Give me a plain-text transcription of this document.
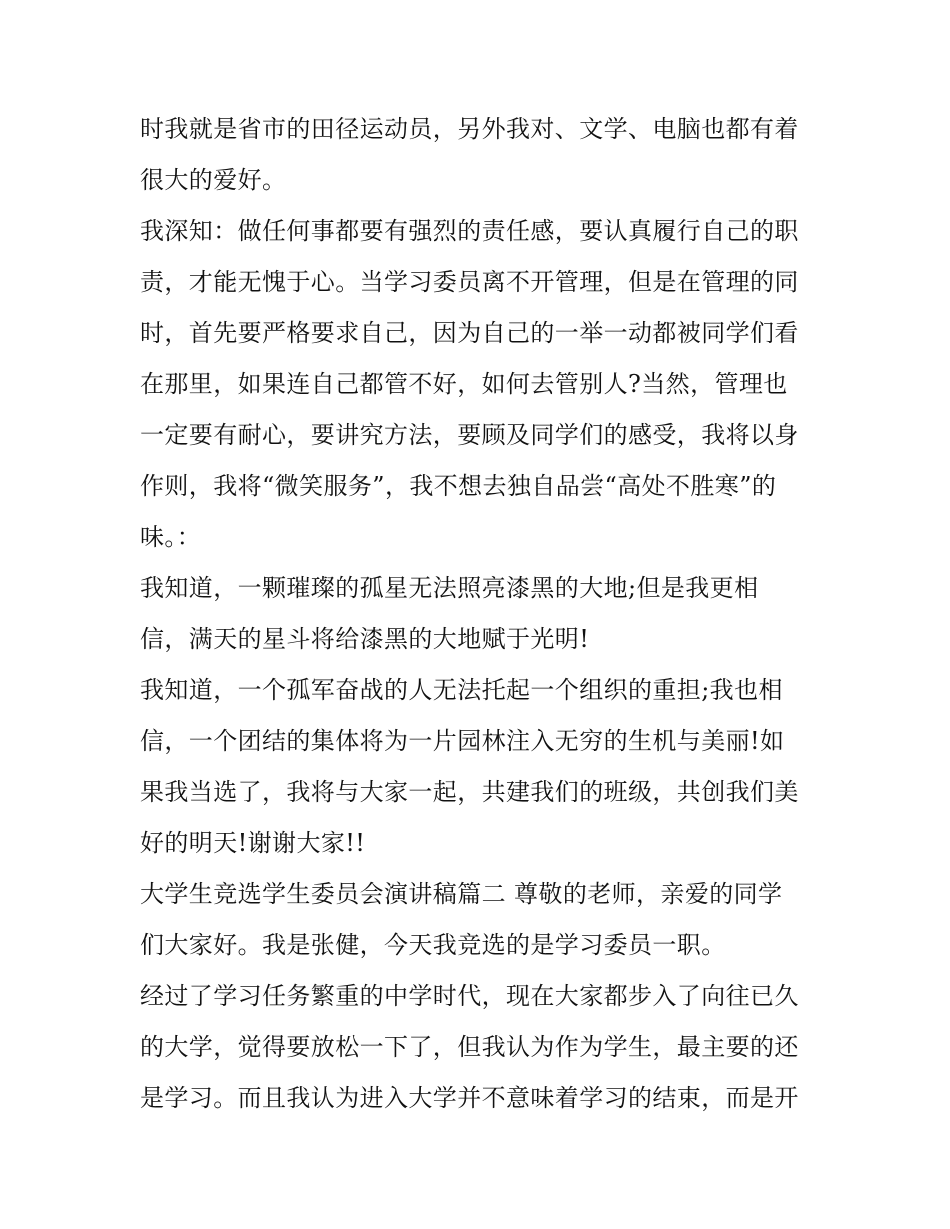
时我就是省市的田径运动员，另外我对、文学、电脑也都有着
很大的爱好。
我深知：做任何事都要有强烈的责任感，要认真履行自己的职
责，才能无愧于心。当学习委员离不开管理，但是在管理的同
时，首先要严格要求自己，因为自己的一举一动都被同学们看
在那里，如果连自己都管不好，如何去管别人?当然，管理也
一定要有耐心，要讲究方法，要顾及同学们的感受，我将以身
作则，我将“微笑服务”，我不想去独自品尝“高处不胜寒”的
味。：
我知道，一颗璀璨的孤星无法照亮漆黑的大地;但是我更相
信，满天的星斗将给漆黑的大地赋于光明!
我知道，一个孤军奋战的人无法托起一个组织的重担;我也相
信，一个团结的集体将为一片园林注入无穷的生机与美丽!如
果我当选了，我将与大家一起，共建我们的班级，共创我们美
好的明天!谢谢大家!!
大学生竞选学生委员会演讲稿篇二 尊敬的老师，亲爱的同学
们大家好。我是张健，今天我竞选的是学习委员一职。
经过了学习任务繁重的中学时代，现在大家都步入了向往已久
的大学，觉得要放松一下了，但我认为作为学生，最主要的还
是学习。而且我认为进入大学并不意味着学习的结束，而是开
